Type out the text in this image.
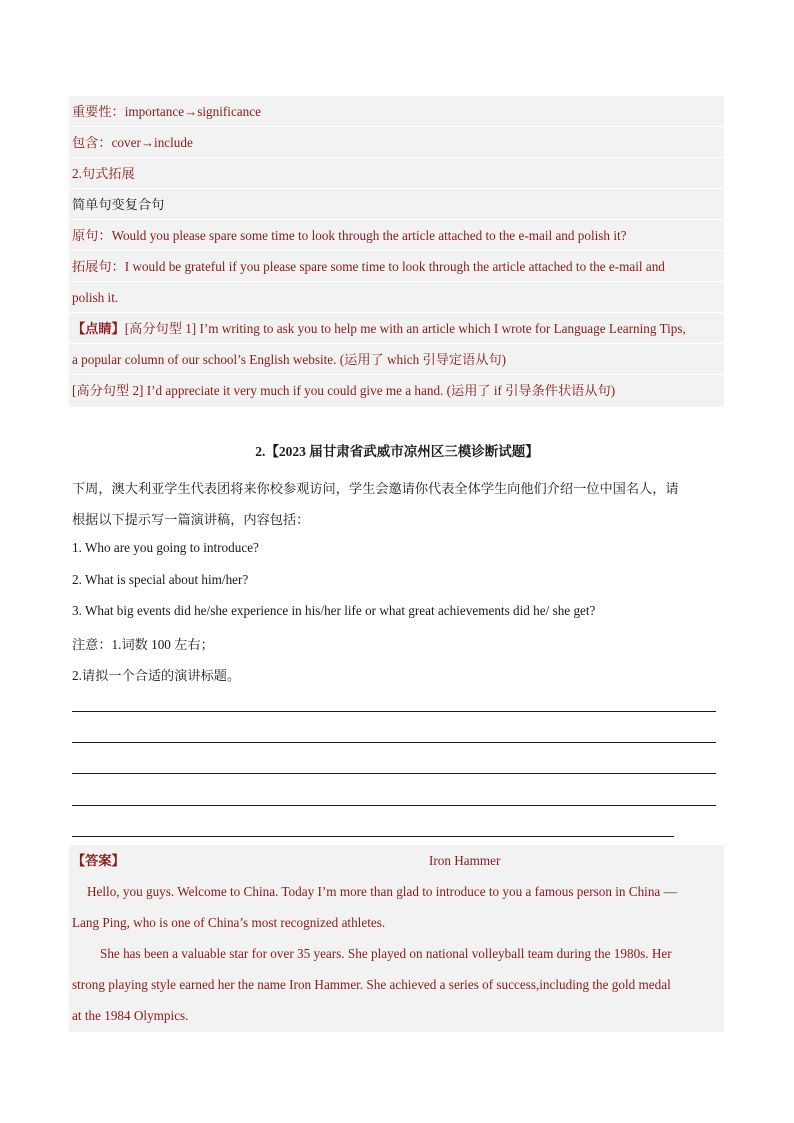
重要性：importance→significance
包含：cover→include
2.句式拓展
简单句变复合句
原句：Would you please spare some time to look through the article attached to the e-mail and polish it?
拓展句：I would be grateful if you please spare some time to look through the article attached to the e-mail and
polish it.
【点睛】[高分句型 1] I’m writing to ask you to help me with an article which I wrote for Language Learning Tips,
a popular column of our school’s English website. (运用了 which 引导定语从句)
[高分句型 2] I’d appreciate it very much if you could give me a hand. (运用了 if 引导条件状语从句)
2.【2023 届甘肃省武威市凉州区三模诊断试题】
下周，澳大利亚学生代表团将来你校参观访问，学生会邀请你代表全体学生向他们介绍一位中国名人，请
根据以下提示写一篇演讲稿，内容包括：
1. Who are you going to introduce?
2. What is special about him/her?
3. What big events did he/she experience in his/her life or what great achievements did he/ she get?
注意：1.词数 100 左右；
2.请拟一个合适的演讲标题。
【答案】	Iron Hammer
Hello, you guys. Welcome to China. Today I’m more than glad to introduce to you a famous person in China —
Lang Ping, who is one of China’s most recognized athletes.
She has been a valuable star for over 35 years. She played on national volleyball team during the 1980s. Her
strong playing style earned her the name Iron Hammer. She achieved a series of success,including the gold medal
at the 1984 Olympics.
